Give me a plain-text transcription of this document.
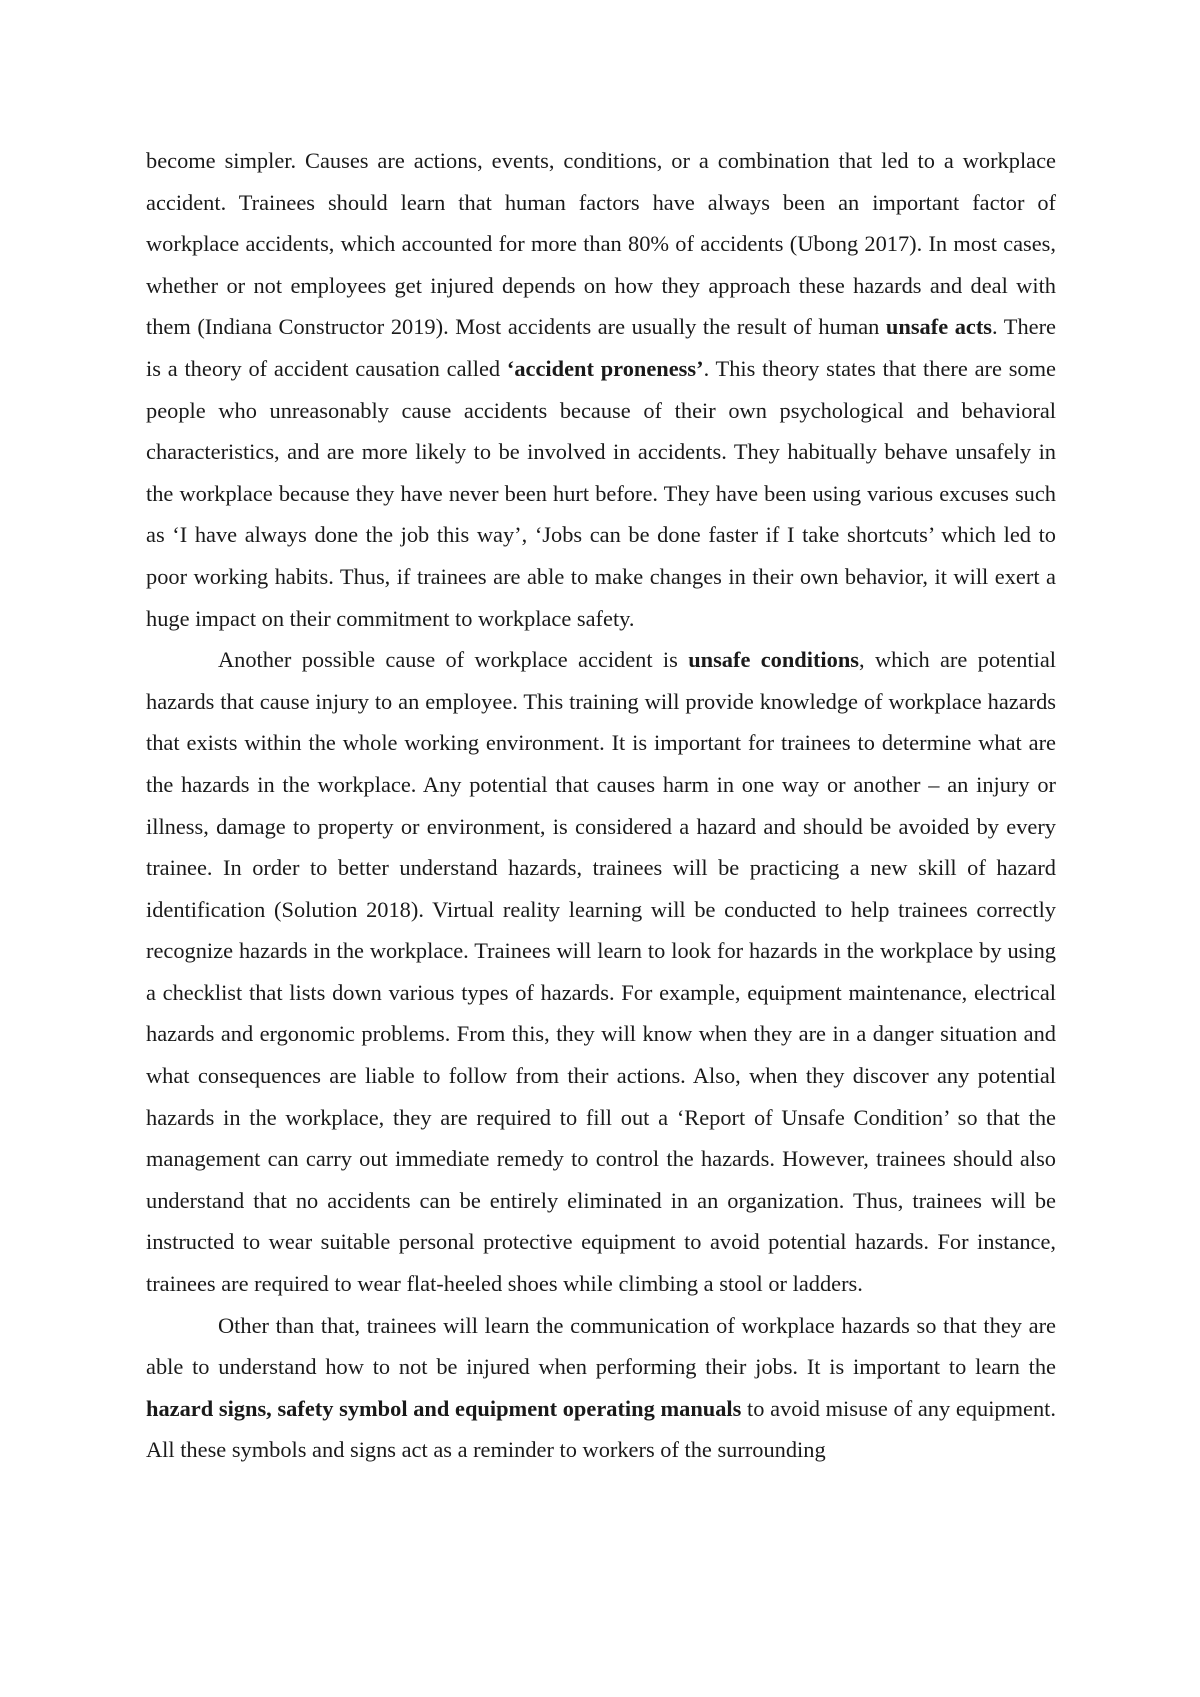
become simpler. Causes are actions, events, conditions, or a combination that led to a workplace accident. Trainees should learn that human factors have always been an important factor of workplace accidents, which accounted for more than 80% of accidents (Ubong 2017). In most cases, whether or not employees get injured depends on how they approach these hazards and deal with them (Indiana Constructor 2019). Most accidents are usually the result of human unsafe acts. There is a theory of accident causation called ‘accident proneness’. This theory states that there are some people who unreasonably cause accidents because of their own psychological and behavioral characteristics, and are more likely to be involved in accidents. They habitually behave unsafely in the workplace because they have never been hurt before. They have been using various excuses such as ‘I have always done the job this way’, ‘Jobs can be done faster if I take shortcuts’ which led to poor working habits. Thus, if trainees are able to make changes in their own behavior, it will exert a huge impact on their commitment to workplace safety.

Another possible cause of workplace accident is unsafe conditions, which are potential hazards that cause injury to an employee. This training will provide knowledge of workplace hazards that exists within the whole working environment. It is important for trainees to determine what are the hazards in the workplace. Any potential that causes harm in one way or another – an injury or illness, damage to property or environment, is considered a hazard and should be avoided by every trainee. In order to better understand hazards, trainees will be practicing a new skill of hazard identification (Solution 2018). Virtual reality learning will be conducted to help trainees correctly recognize hazards in the workplace. Trainees will learn to look for hazards in the workplace by using a checklist that lists down various types of hazards. For example, equipment maintenance, electrical hazards and ergonomic problems. From this, they will know when they are in a danger situation and what consequences are liable to follow from their actions. Also, when they discover any potential hazards in the workplace, they are required to fill out a ‘Report of Unsafe Condition’ so that the management can carry out immediate remedy to control the hazards. However, trainees should also understand that no accidents can be entirely eliminated in an organization. Thus, trainees will be instructed to wear suitable personal protective equipment to avoid potential hazards. For instance, trainees are required to wear flat-heeled shoes while climbing a stool or ladders.

Other than that, trainees will learn the communication of workplace hazards so that they are able to understand how to not be injured when performing their jobs. It is important to learn the hazard signs, safety symbol and equipment operating manuals to avoid misuse of any equipment. All these symbols and signs act as a reminder to workers of the surrounding
